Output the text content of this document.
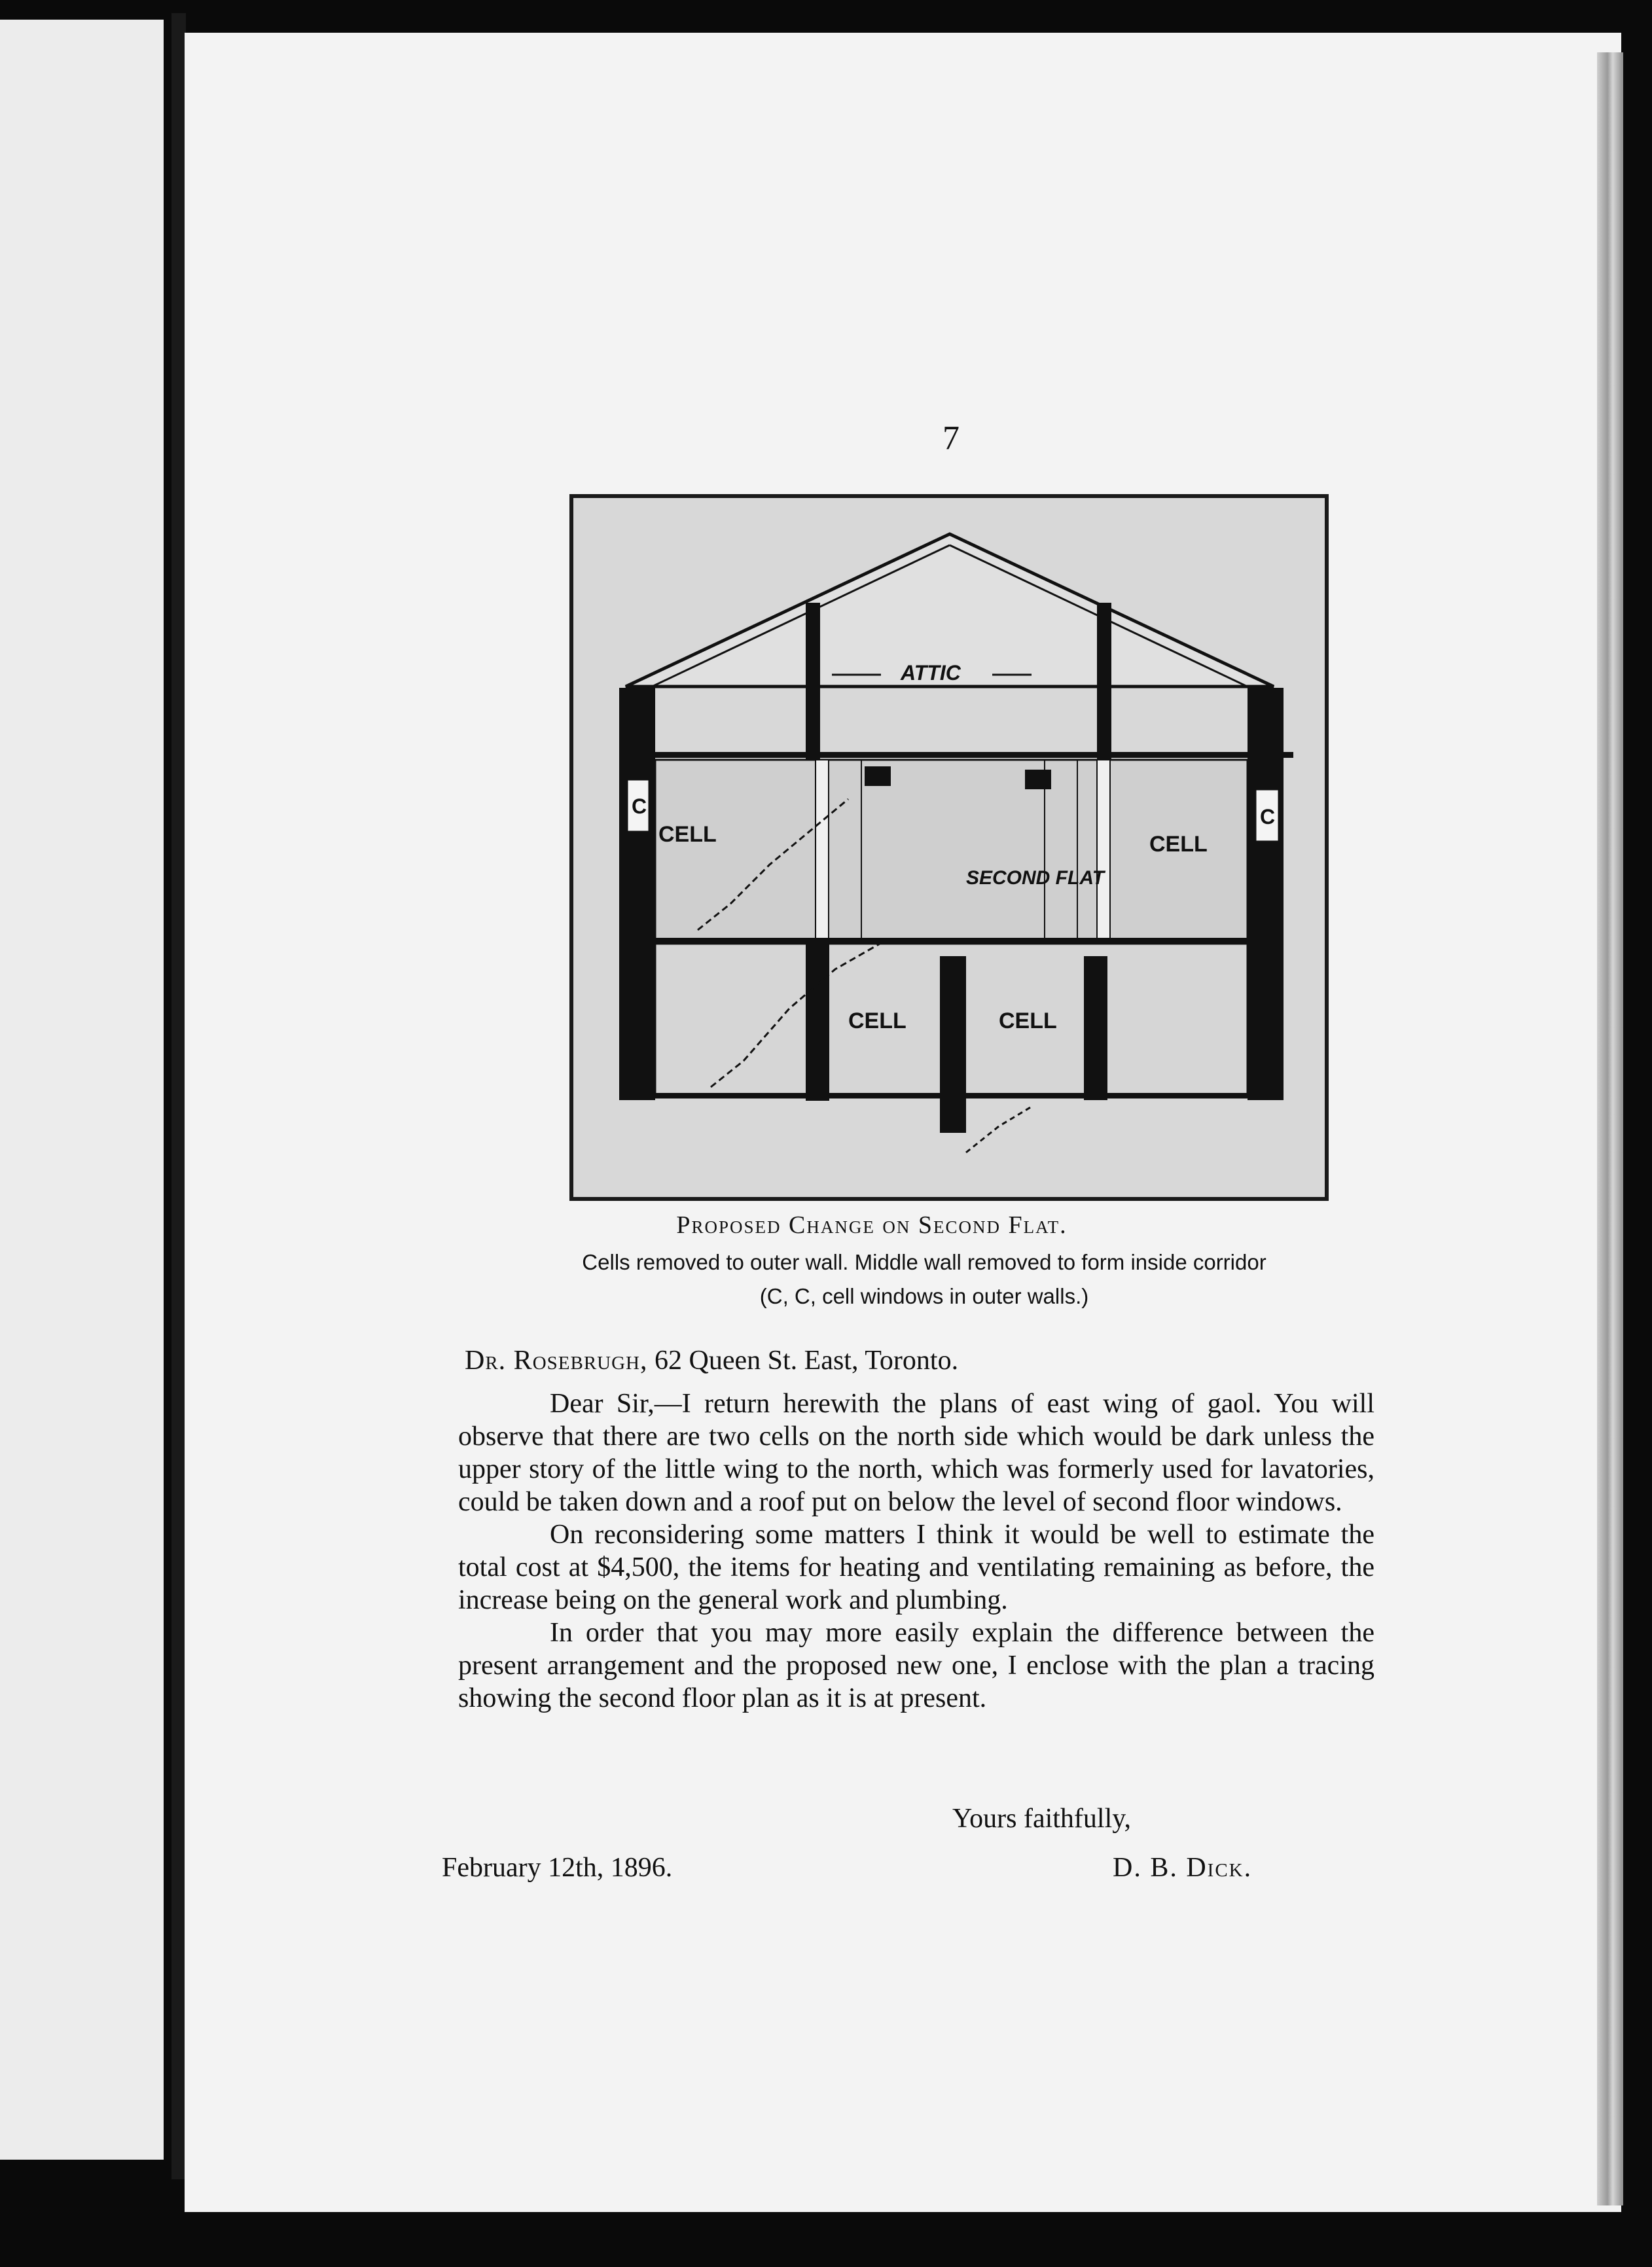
7
ATTIC
CELL	CELL
SECOND FLAT
CELL	CELL
C	C
Proposed Change on Second Flat.
Cells removed to outer wall. Middle wall removed to form inside corridor
(C, C, cell windows in outer walls.)
Dr. Rosebrugh, 62 Queen St. East, Toronto.

Dear Sir,—I return herewith the plans of east wing of gaol. You will observe that there are two cells on the north side which would be dark unless the upper story of the little wing to the north, which was formerly used for lavatories, could be taken down and a roof put on below the level of second floor windows.

On reconsidering some matters I think it would be well to estimate the total cost at $4,500, the items for heating and ventilating remaining as before, the increase being on the general work and plumbing.

In order that you may more easily explain the difference between the present arrangement and the proposed new one, I enclose with the plan a tracing showing the second floor plan as it is at present.

Yours faithfully,
February 12th, 1896.	D. B. Dick.
